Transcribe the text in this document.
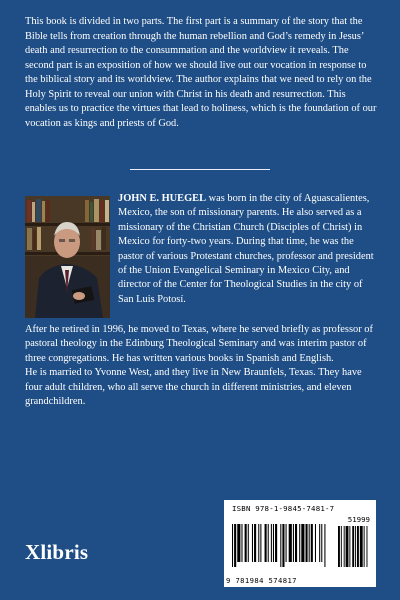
This book is divided in two parts. The first part is a summary of the story that the Bible tells from creation through the human rebellion and God’s remedy in Jesus’ death and resurrection to the consummation and the worldview it reveals. The second part is an exposition of how we should live out our vocation in response to the biblical story and its worldview. The author explains that we need to rely on the Holy Spirit to reveal our union with Christ in his death and resurrection. This enables us to practice the virtues that lead to holiness, which is the foundation of our vocation as kings and priests of God.

JOHN E. HUEGEL was born in the city of Aguascalientes, Mexico, the son of missionary parents. He also served as a missionary of the Christian Church (Disciples of Christ) in Mexico for forty-two years. During that time, he was the pastor of various Protestant churches, professor and president of the Union Evangelical Seminary in Mexico City, and director of the Center for Theological Studies in the city of San Luis Potosí.

After he retired in 1996, he moved to Texas, where he served briefly as professor of pastoral theology in the Edinburg Theological Seminary and was interim pastor of three congregations. He has written various books in Spanish and English.

He is married to Yvonne West, and they live in New Braunfels, Texas. They have four adult children, who all serve the church in different ministries, and eleven grandchildren.

Xlibris
ISBN 978-1-9845-7481-7
51999
9 781984 574817
